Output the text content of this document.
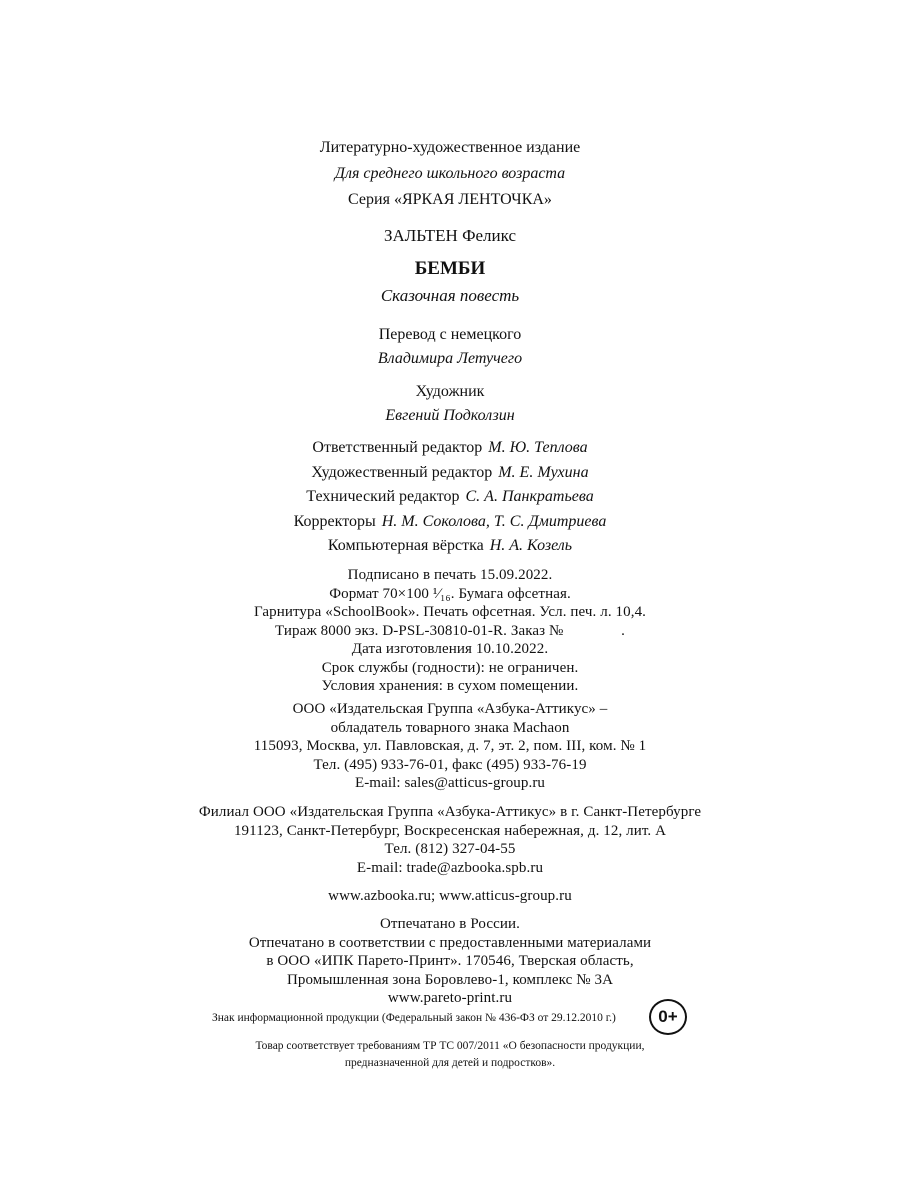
Литературно-художественное издание
Для среднего школьного возраста
Серия «ЯРКАЯ ЛЕНТОЧКА»
ЗАЛЬТЕН Феликс
БЕМБИ
Сказочная повесть
Перевод с немецкого
Владимира Летучего
Художник
Евгений Подколзин
Ответственный редактор М. Ю. Теплова
Художественный редактор М. Е. Мухина
Технический редактор С. А. Панкратьева
Корректоры Н. М. Соколова, Т. С. Дмитриева
Компьютерная вёрстка Н. А. Козель
Подписано в печать 15.09.2022.
Формат 70×100 ¹⁄₁₆. Бумага офсетная.
Гарнитура «SchoolBook». Печать офсетная. Усл. печ. л. 10,4.
Тираж 8000 экз. D-PSL-30810-01-R. Заказ №               .
Дата изготовления 10.10.2022.
Срок службы (годности): не ограничен.
Условия хранения: в сухом помещении.
ООО «Издательская Группа «Азбука-Аттикус» –
обладатель товарного знака Machaon
115093, Москва, ул. Павловская, д. 7, эт. 2, пом. III, ком. № 1
Тел. (495) 933-76-01, факс (495) 933-76-19
E-mail: sales@atticus-group.ru
Филиал ООО «Издательская Группа «Азбука-Аттикус» в г. Санкт-Петербурге
191123, Санкт-Петербург, Воскресенская набережная, д. 12, лит. А
Тел. (812) 327-04-55
E-mail: trade@azbooka.spb.ru
www.azbooka.ru; www.atticus-group.ru
Отпечатано в России.
Отпечатано в соответствии с предоставленными материалами
в ООО «ИПК Парето-Принт». 170546, Тверская область,
Промышленная зона Боровлево-1, комплекс № 3А
www.pareto-print.ru
Знак информационной продукции (Федеральный закон № 436-ФЗ от 29.12.2010 г.)	0+
Товар соответствует требованиям ТР ТС 007/2011 «О безопасности продукции,
предназначенной для детей и подростков».
